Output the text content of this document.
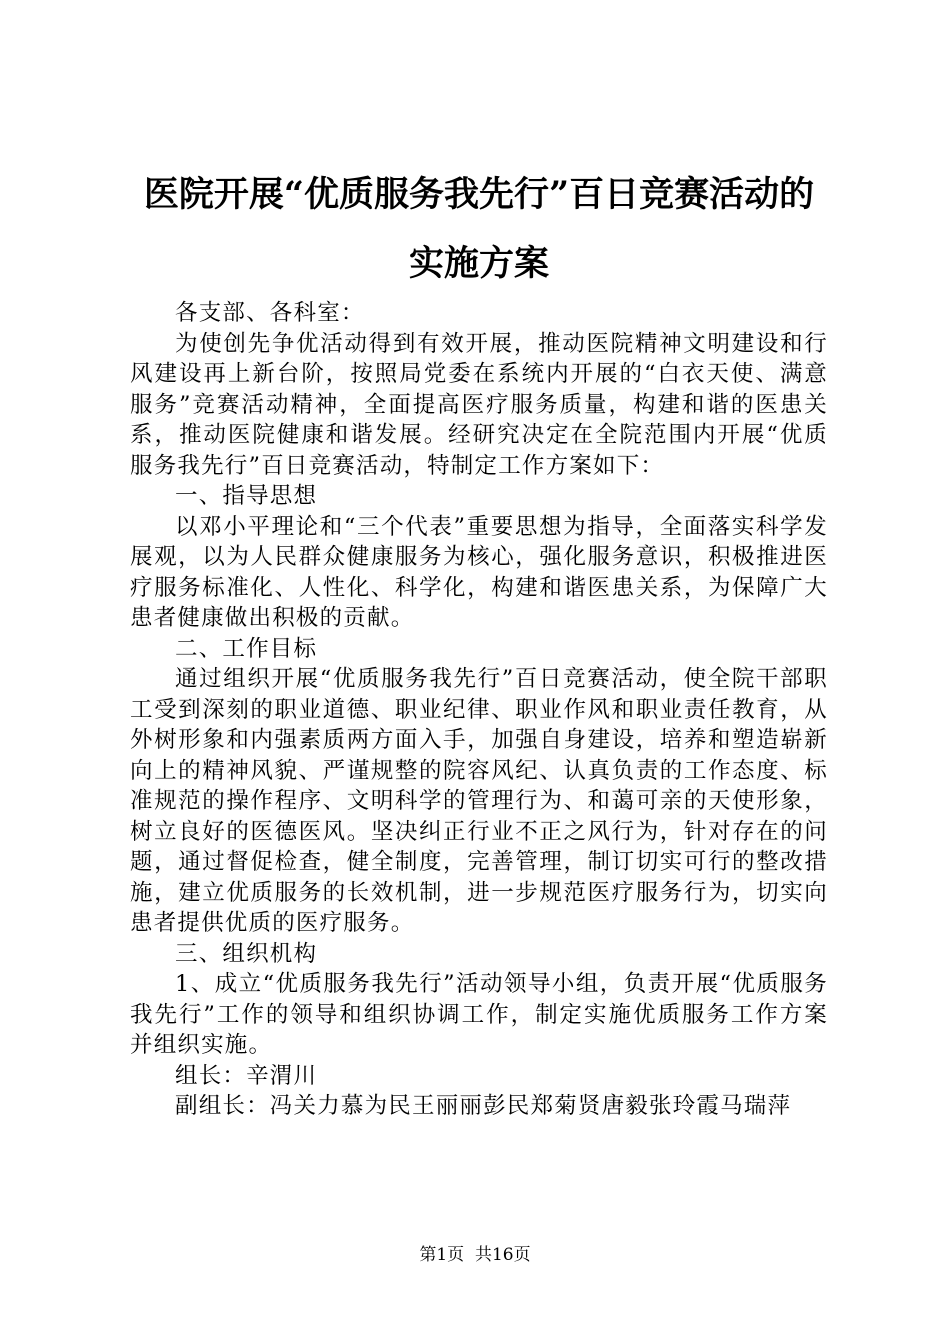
医院开展“优质服务我先行”百日竞赛活动的
实施方案

各支部、各科室：

为使创先争优活动得到有效开展，推动医院精神文明建设和行风建设再上新台阶，按照局党委在系统内开展的“白衣天使、满意服务”竞赛活动精神，全面提高医疗服务质量，构建和谐的医患关系，推动医院健康和谐发展。经研究决定在全院范围内开展“优质服务我先行”百日竞赛活动，特制定工作方案如下：

一、指导思想

以邓小平理论和“三个代表”重要思想为指导，全面落实科学发展观，以为人民群众健康服务为核心，强化服务意识，积极推进医疗服务标准化、人性化、科学化，构建和谐医患关系，为保障广大患者健康做出积极的贡献。

二、工作目标

通过组织开展“优质服务我先行”百日竞赛活动，使全院干部职工受到深刻的职业道德、职业纪律、职业作风和职业责任教育，从外树形象和内强素质两方面入手，加强自身建设，培养和塑造崭新向上的精神风貌、严谨规整的院容风纪、认真负责的工作态度、标准规范的操作程序、文明科学的管理行为、和蔼可亲的天使形象，树立良好的医德医风。坚决纠正行业不正之风行为，针对存在的问题，通过督促检查，健全制度，完善管理，制订切实可行的整改措施，建立优质服务的长效机制，进一步规范医疗服务行为，切实向患者提供优质的医疗服务。

三、组织机构

1、成立“优质服务我先行”活动领导小组，负责开展“优质服务我先行”工作的领导和组织协调工作，制定实施优质服务工作方案并组织实施。

组长：辛渭川

副组长：冯关力慕为民王丽丽彭民郑菊贤唐毅张玲霞马瑞萍

第1页  共16页
